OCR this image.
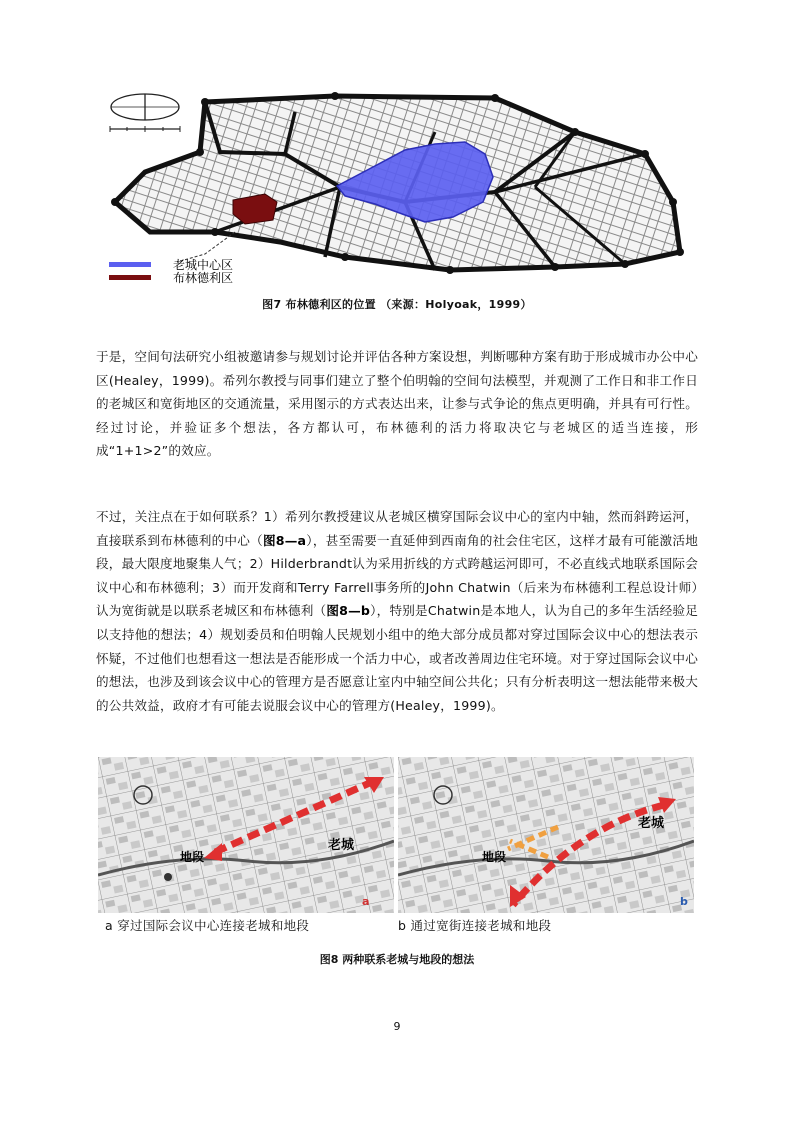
老城中心区
布林德利区
图7 布林德利区的位置 （来源：Holyoak，1999）

于是，空间句法研究小组被邀请参与规划讨论并评估各种方案设想，判断哪种方案有助于形成城市办公中心区(Healey，1999)。希列尔教授与同事们建立了整个伯明翰的空间句法模型，并观测了工作日和非工作日的老城区和宽街地区的交通流量，采用图示的方式表达出来，让参与式争论的焦点更明确，并具有可行性。经过讨论，并验证多个想法，各方都认可，布林德利的活力将取决它与老城区的适当连接，形成“1+1>2”的效应。

不过，关注点在于如何联系？1）希列尔教授建议从老城区横穿国际会议中心的室内中轴，然而斜跨运河，直接联系到布林德利的中心（图8—a），甚至需要一直延伸到西南角的社会住宅区，这样才最有可能激活地段，最大限度地聚集人气；2）Hilderbrandt认为采用折线的方式跨越运河即可，不必直线式地联系国际会议中心和布林德利；3）而开发商和Terry Farrell事务所的John Chatwin（后来为布林德利工程总设计师）认为宽街就是以联系老城区和布林德利（图8—b），特别是Chatwin是本地人，认为自己的多年生活经验足以支持他的想法；4）规划委员和伯明翰人民规划小组中的绝大部分成员都对穿过国际会议中心的想法表示怀疑，不过他们也想看这一想法是否能形成一个活力中心，或者改善周边住宅环境。对于穿过国际会议中心的想法，也涉及到该会议中心的管理方是否愿意让室内中轴空间公共化；只有分析表明这一想法能带来极大的公共效益，政府才有可能去说服会议中心的管理方(Healey，1999)。

老城
地段
a
老城
地段
b
a 穿过国际会议中心连接老城和地段	b 通过宽街连接老城和地段
图8 两种联系老城与地段的想法
9
